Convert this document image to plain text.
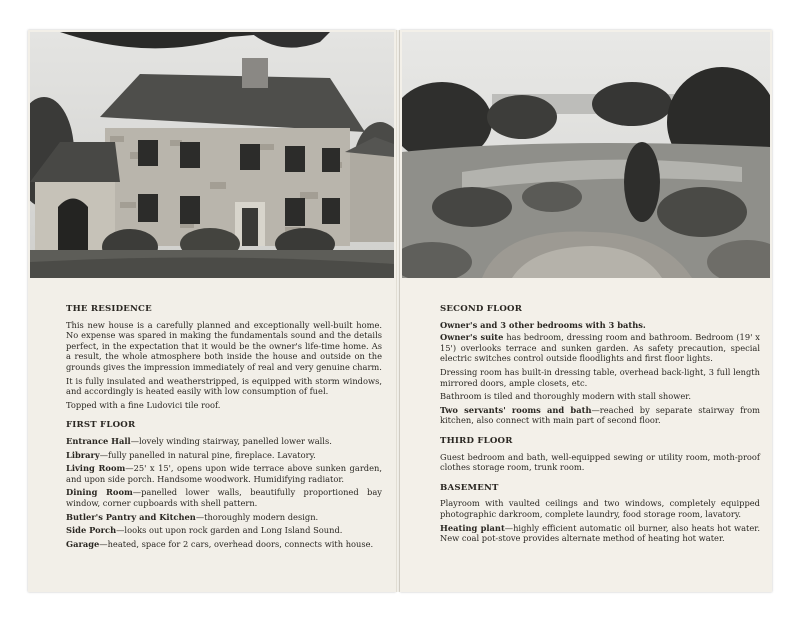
THE RESIDENCE

This new house is a carefully planned and exceptionally well-built home. No expense was spared in making the fundamentals sound and the details perfect, in the expectation that it would be the owner's life-time home. As a result, the whole atmosphere both inside the house and outside on the grounds gives the impression immediately of real and very genuine charm.

It is fully insulated and weatherstripped, is equipped with storm windows, and accordingly is heated easily with low consumption of fuel.

Topped with a fine Ludovici tile roof.

FIRST FLOOR

Entrance Hall—lovely winding stairway, panelled lower walls.

Library—fully panelled in natural pine, fireplace. Lavatory.

Living Room—25' x 15', opens upon wide terrace above sunken garden, and upon side porch. Handsome woodwork. Humidifying radiator.

Dining Room—panelled lower walls, beautifully proportioned bay window, corner cupboards with shell pattern.

Butler's Pantry and Kitchen—thoroughly modern design.

Side Porch—looks out upon rock garden and Long Island Sound.

Garage—heated, space for 2 cars, overhead doors, connects with house.

SECOND FLOOR
Owner's and 3 other bedrooms with 3 baths.

Owner's suite has bedroom, dressing room and bathroom. Bedroom (19' x 15') overlooks terrace and sunken garden. As safety precaution, special electric switches control outside floodlights and first floor lights.

Dressing room has built-in dressing table, overhead back-light, 3 full length mirrored doors, ample closets, etc.

Bathroom is tiled and thoroughly modern with stall shower.

Two servants' rooms and bath—reached by separate stairway from kitchen, also connect with main part of second floor.

THIRD FLOOR

Guest bedroom and bath, well-equipped sewing or utility room, moth-proof clothes storage room, trunk room.

BASEMENT

Playroom with vaulted ceilings and two windows, completely equipped photographic darkroom, complete laundry, food storage room, lavatory.

Heating plant—highly efficient automatic oil burner, also heats hot water. New coal pot-stove provides alternate method of heating hot water.
